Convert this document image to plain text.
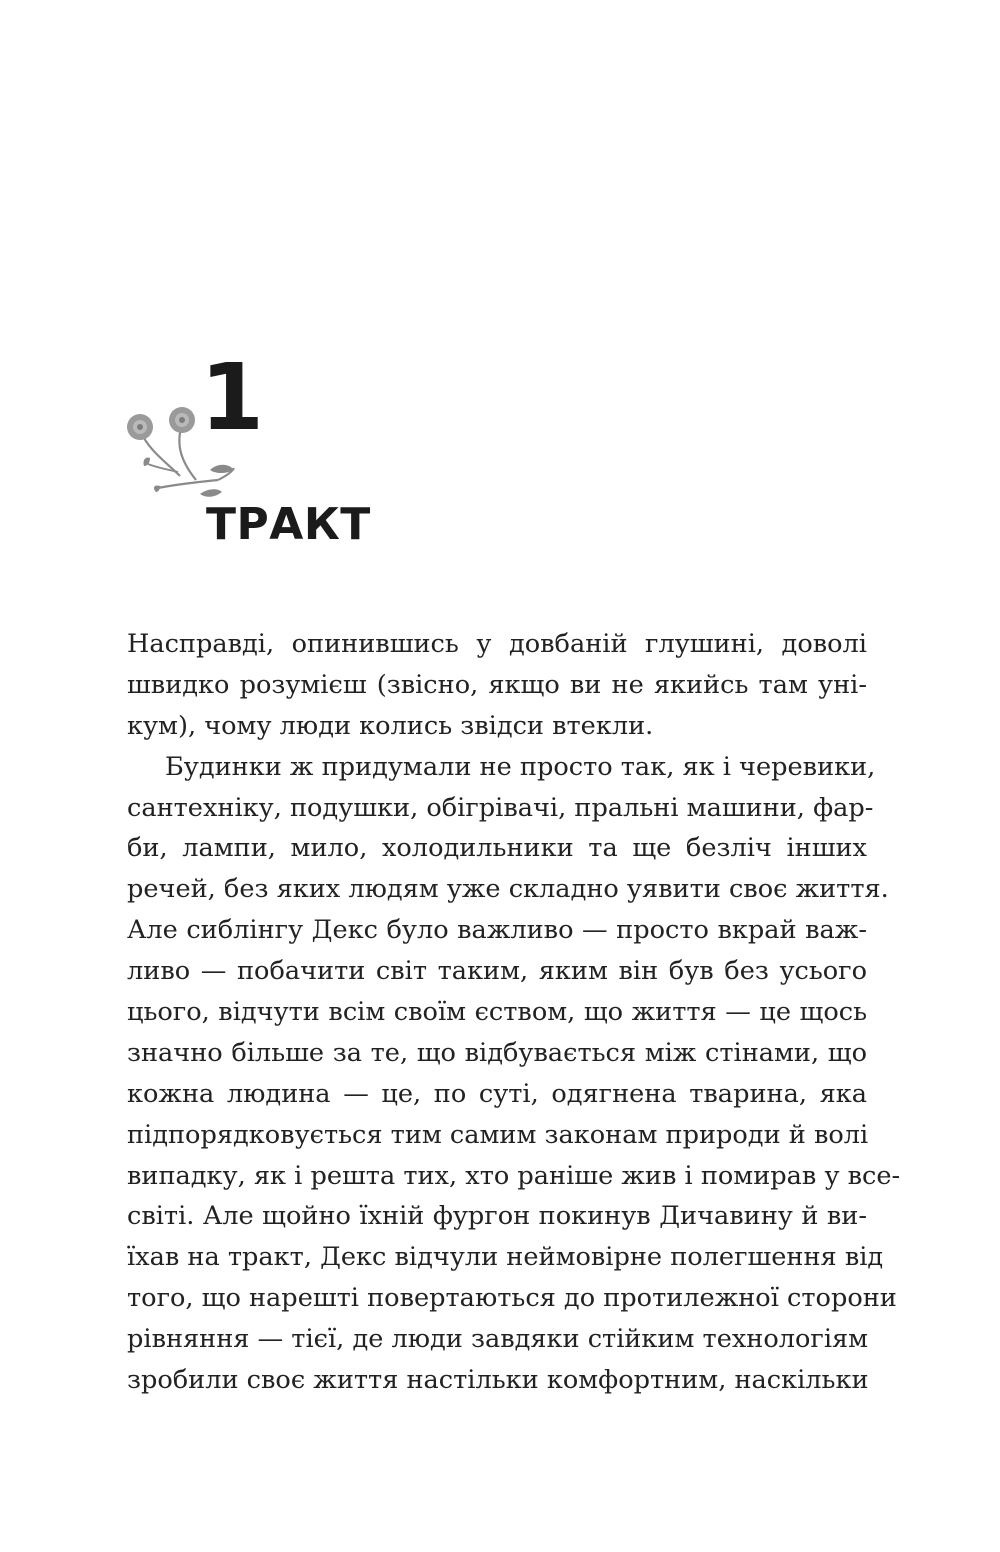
1
ТРАКТ
Насправді, опинившись у довбаній глушині, доволі
швидко розумієш (звісно, якщо ви не якийсь там уні-
кум), чому люди колись звідси втекли.
Будинки ж придумали не просто так, як і черевики,
сантехніку, подушки, обігрівачі, пральні машини, фар-
би, лампи, мило, холодильники та ще безліч інших
речей, без яких людям уже складно уявити своє життя.
Але сиблінгу Декс було важливо — просто вкрай важ-
ливо — побачити світ таким, яким він був без усього
цього, відчути всім своїм єством, що життя — це щось
значно більше за те, що відбувається між стінами, що
кожна людина — це, по суті, одягнена тварина, яка
підпорядковується тим самим законам природи й волі
випадку, як і решта тих, хто раніше жив і помирав у все-
світі. Але щойно їхній фургон покинув Дичавину й ви-
їхав на тракт, Декс відчули неймовірне полегшення від
того, що нарешті повертаються до протилежної сторони
рівняння — тієї, де люди завдяки стійким технологіям
зробили своє життя настільки комфортним, наскільки
